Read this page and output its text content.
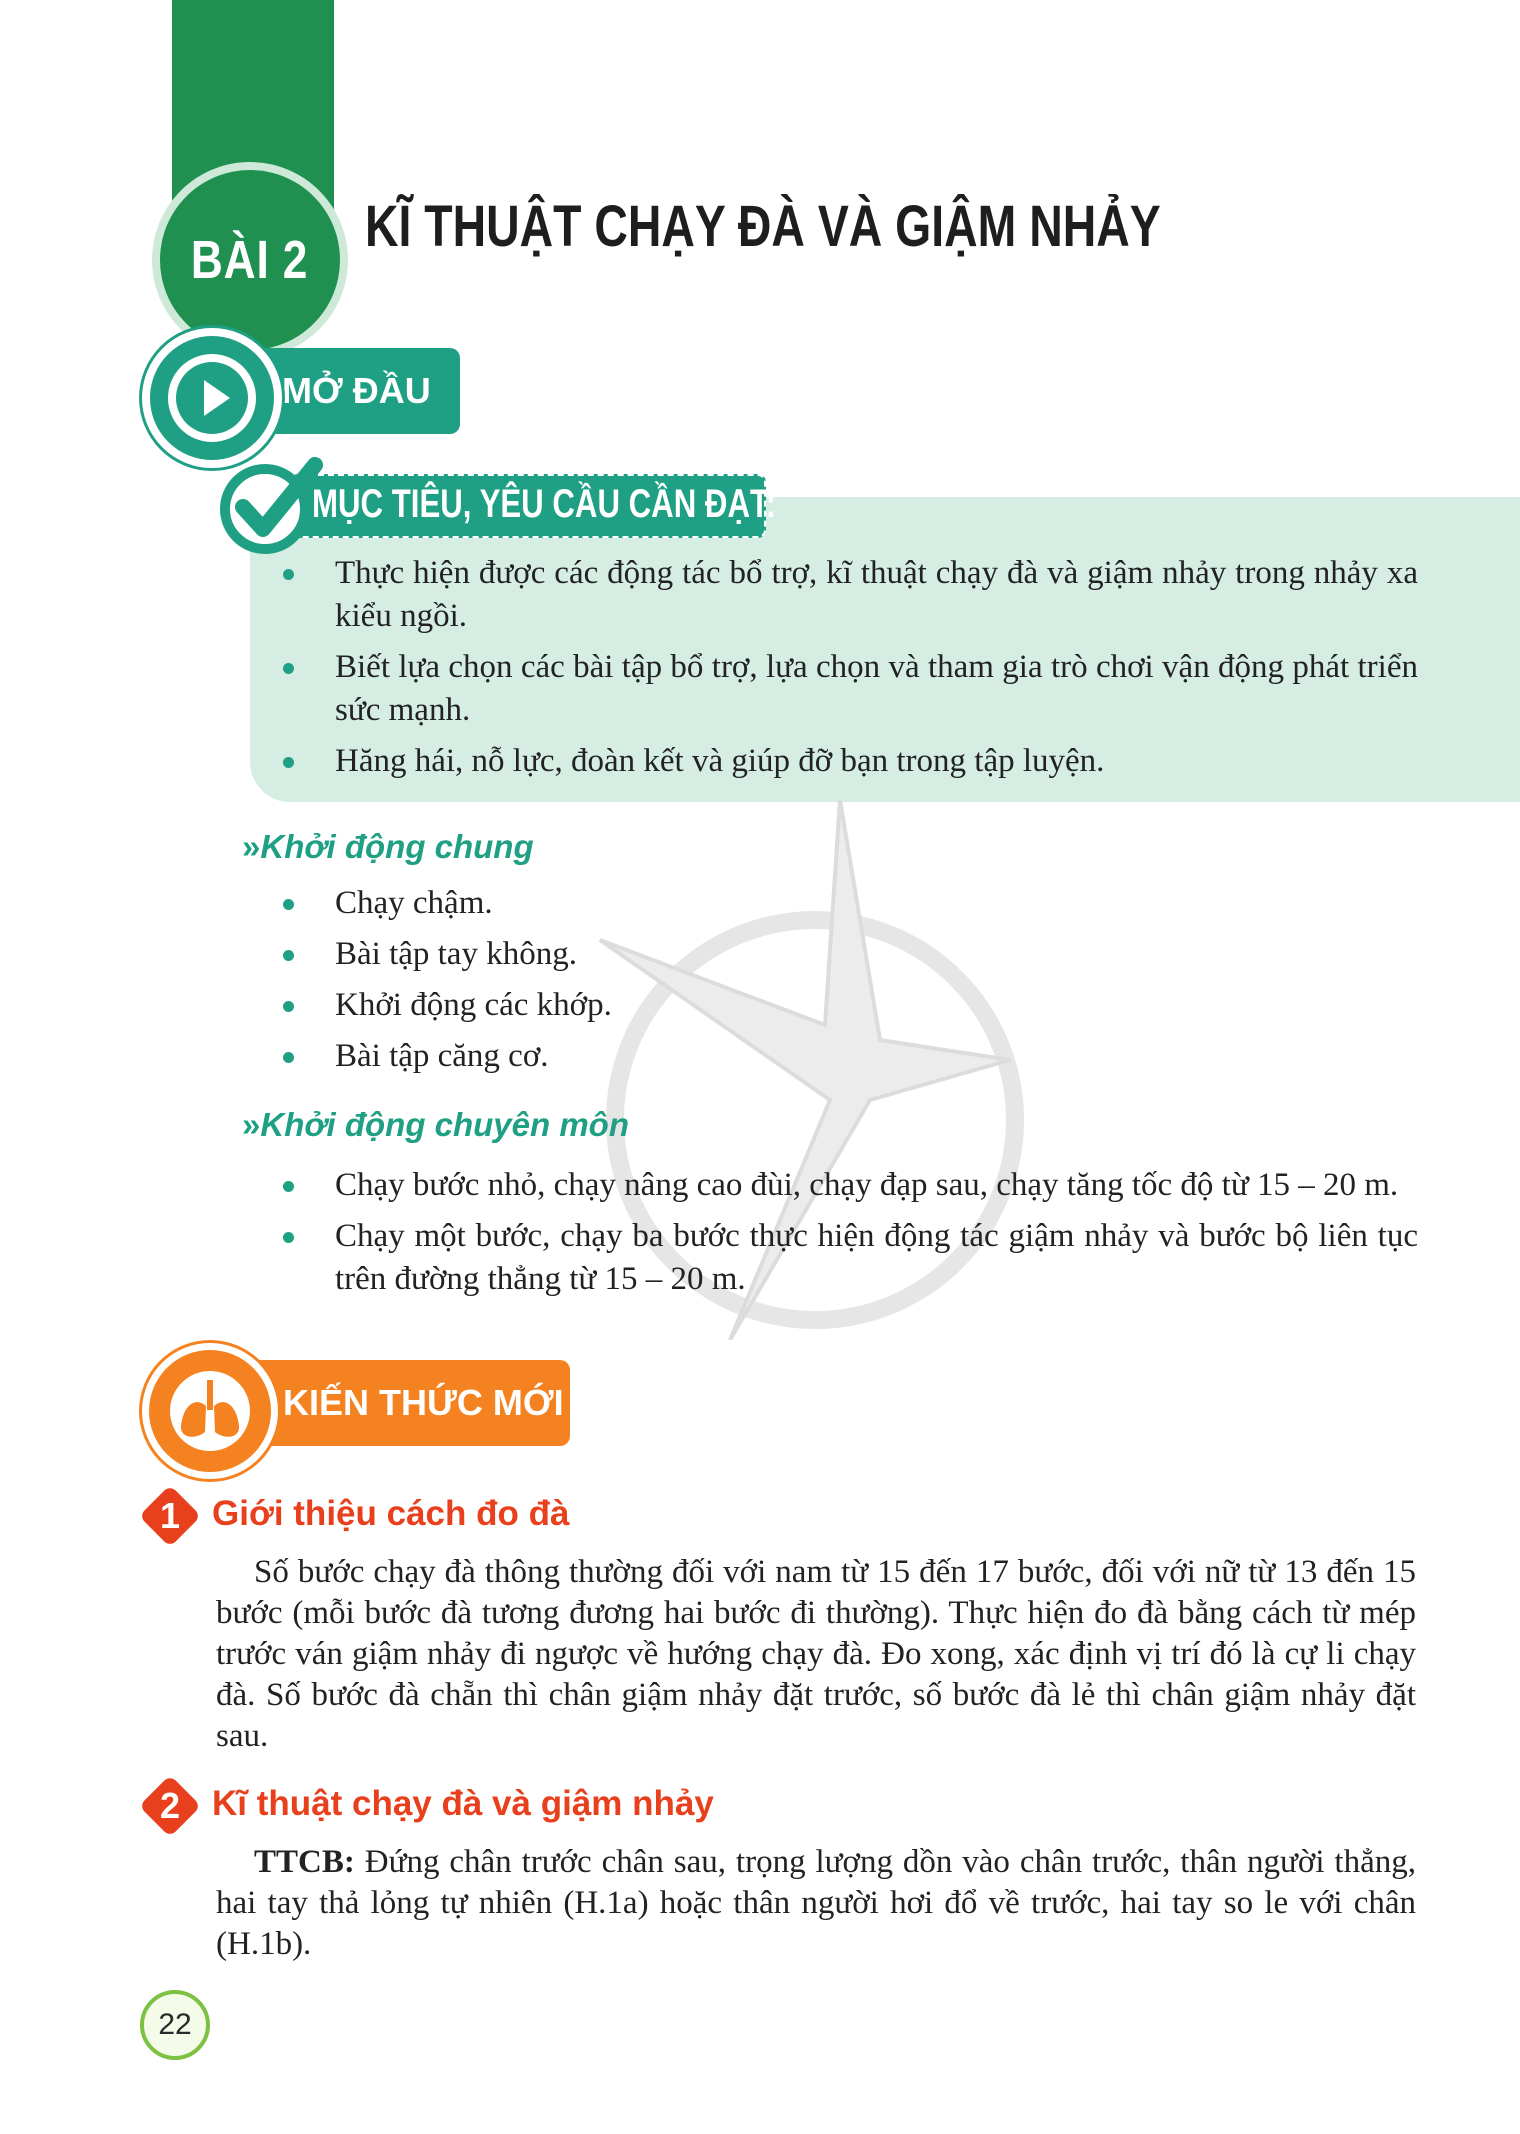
BÀI 2
KĨ THUẬT CHẠY ĐÀ VÀ GIẬM NHẢY
MỞ ĐẦU
MỤC TIÊU, YÊU CẦU CẦN ĐẠT:
Thực hiện được các động tác bổ trợ, kĩ thuật chạy đà và giậm nhảy trong nhảy xa kiểu ngồi.
Biết lựa chọn các bài tập bổ trợ, lựa chọn và tham gia trò chơi vận động phát triển sức mạnh.
Hăng hái, nỗ lực, đoàn kết và giúp đỡ bạn trong tập luyện.
»Khởi động chung
Chạy chậm.
Bài tập tay không.
Khởi động các khớp.
Bài tập căng cơ.
»Khởi động chuyên môn
Chạy bước nhỏ, chạy nâng cao đùi, chạy đạp sau, chạy tăng tốc độ từ 15 – 20 m.
Chạy một bước, chạy ba bước thực hiện động tác giậm nhảy và bước bộ liên tục trên đường thẳng từ 15 – 20 m.
KIẾN THỨC MỚI
1 Giới thiệu cách đo đà
Số bước chạy đà thông thường đối với nam từ 15 đến 17 bước, đối với nữ từ 13 đến 15 bước (mỗi bước đà tương đương hai bước đi thường). Thực hiện đo đà bằng cách từ mép trước ván giậm nhảy đi ngược về hướng chạy đà. Đo xong, xác định vị trí đó là cự li chạy đà. Số bước đà chẵn thì chân giậm nhảy đặt trước, số bước đà lẻ thì chân giậm nhảy đặt sau.
2 Kĩ thuật chạy đà và giậm nhảy
TTCB: Đứng chân trước chân sau, trọng lượng dồn vào chân trước, thân người thẳng, hai tay thả lỏng tự nhiên (H.1a) hoặc thân người hơi đổ về trước, hai tay so le với chân (H.1b).
22
